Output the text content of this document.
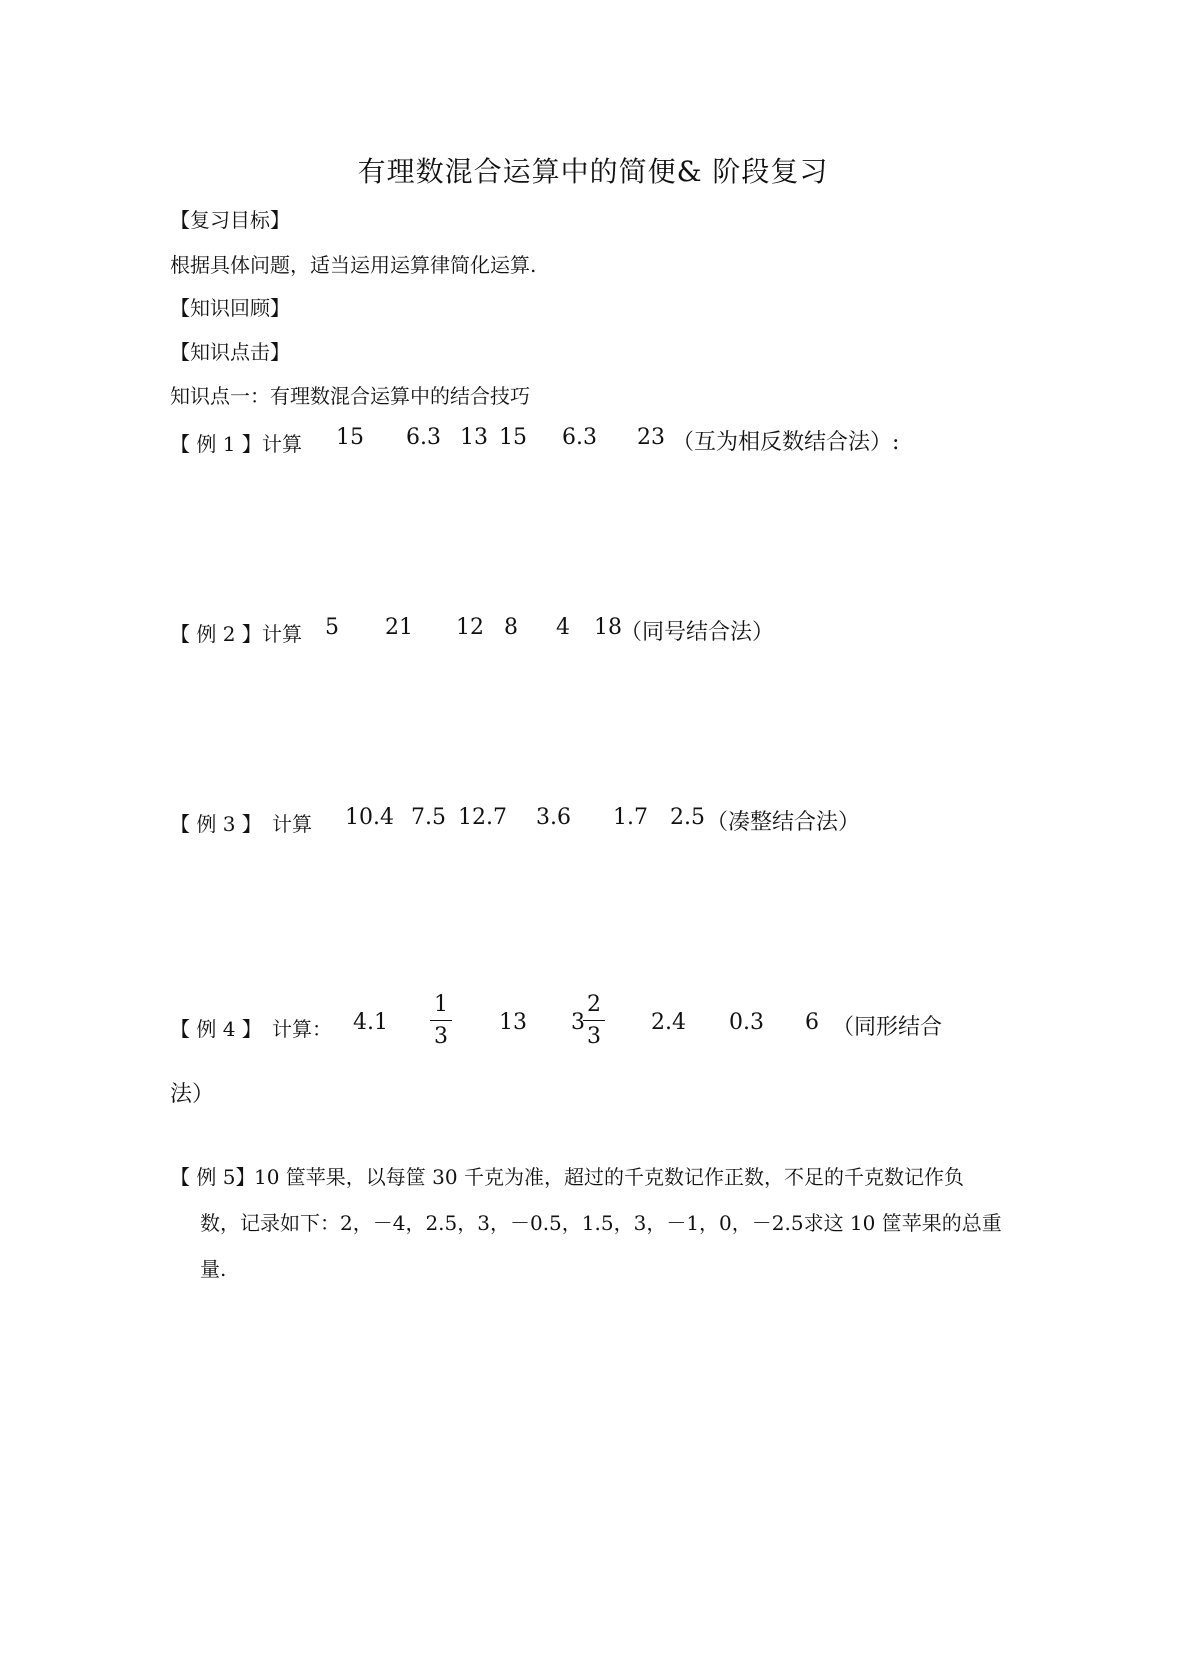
有理数混合运算中的简便& 阶段复习
【复习目标】
根据具体问题，适当运用运算律简化运算.
【知识回顾】
【知识点击】
知识点一：有理数混合运算中的结合技巧
【 例 1 】 计算 15 6.3 13 15 6.3 23 （互为相反数结合法）:
【 例 2 】 计算 5 21 12 8 4 18
（同号结合法）
【 例 3 】 计算 10.4 7.5 12.7 3.6 1.7 2.5 （凑整结合法）
【 例 4 】 计算： 4.1
1
3
13 3
2
3
2.4 0.3 6 （同形结合
法）
【 例 5】
10 筐苹果，以每筐 30 千克为准，超过的千克数记作正数，不足的千克数记作负
数，记录如下：2，－4，2.5，3，－0.5，1.5，3，－1，0，－2.5求这 10 筐苹果的总重
量.
